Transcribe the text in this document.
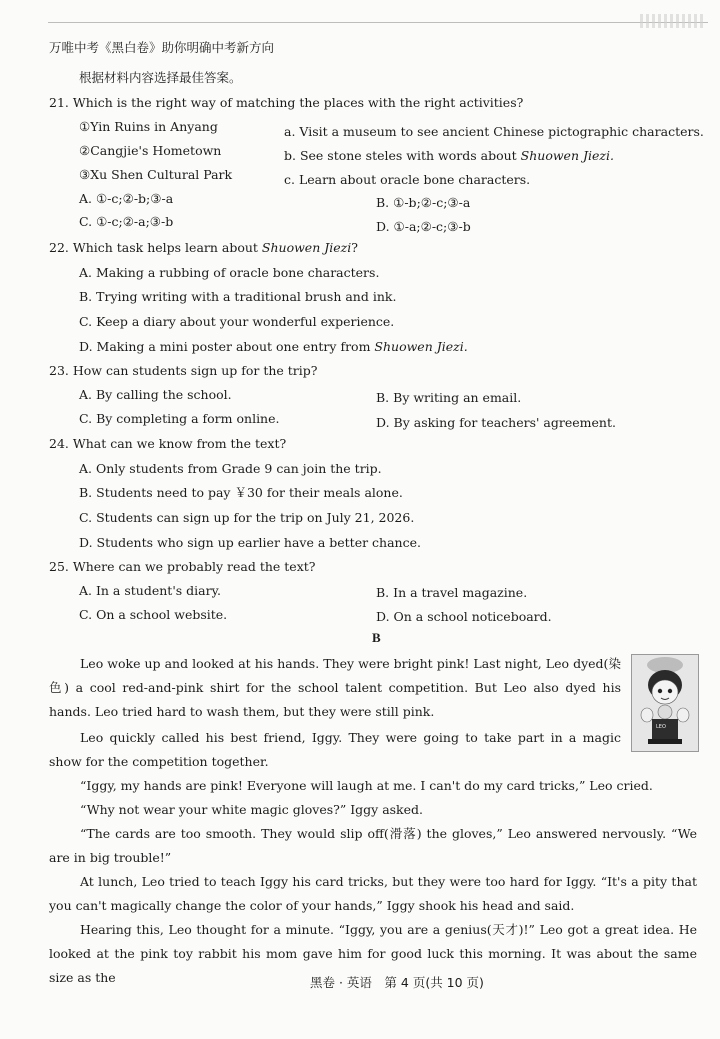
万唯中考《黑白卷》助你明确中考新方向
根据材料内容选择最佳答案。
21. Which is the right way of matching the places with the right activities?
①Yin Ruins in Anyang
②Cangjie's Hometown
③Xu Shen Cultural Park
a. Visit a museum to see ancient Chinese pictographic characters.
b. See stone steles with words about Shuowen Jiezi.
c. Learn about oracle bone characters.
A. ①-c;②-b;③-a	B. ①-b;②-c;③-a
C. ①-c;②-a;③-b	D. ①-a;②-c;③-b
22. Which task helps learn about Shuowen Jiezi?
A. Making a rubbing of oracle bone characters.
B. Trying writing with a traditional brush and ink.
C. Keep a diary about your wonderful experience.
D. Making a mini poster about one entry from Shuowen Jiezi.
23. How can students sign up for the trip?
A. By calling the school.	B. By writing an email.
C. By completing a form online.	D. By asking for teachers' agreement.
24. What can we know from the text?
A. Only students from Grade 9 can join the trip.
B. Students need to pay ￥30 for their meals alone.
C. Students can sign up for the trip on July 21, 2026.
D. Students who sign up earlier have a better chance.
25. Where can we probably read the text?
A. In a student's diary.	B. In a travel magazine.
C. On a school website.	D. On a school noticeboard.
B
LEO

Leo woke up and looked at his hands. They were bright pink! Last night, Leo dyed(染色) a cool red-and-pink shirt for the school talent competition. But Leo also dyed his hands. Leo tried hard to wash them, but they were still pink.

Leo quickly called his best friend, Iggy. They were going to take part in a magic show for the competition together.

“Iggy, my hands are pink! Everyone will laugh at me. I can't do my card tricks,” Leo cried.

“Why not wear your white magic gloves?” Iggy asked.

“The cards are too smooth. They would slip off(滑落) the gloves,” Leo answered nervously. “We are in big trouble!”

At lunch, Leo tried to teach Iggy his card tricks, but they were too hard for Iggy. “It's a pity that you can't magically change the color of your hands,” Iggy shook his head and said.

Hearing this, Leo thought for a minute. “Iggy, you are a genius(天才)!” Leo got a great idea. He looked at the pink toy rabbit his mom gave him for good luck this morning. It was about the same size as the	黑卷 · 英语　第 4 页(共 10 页)
